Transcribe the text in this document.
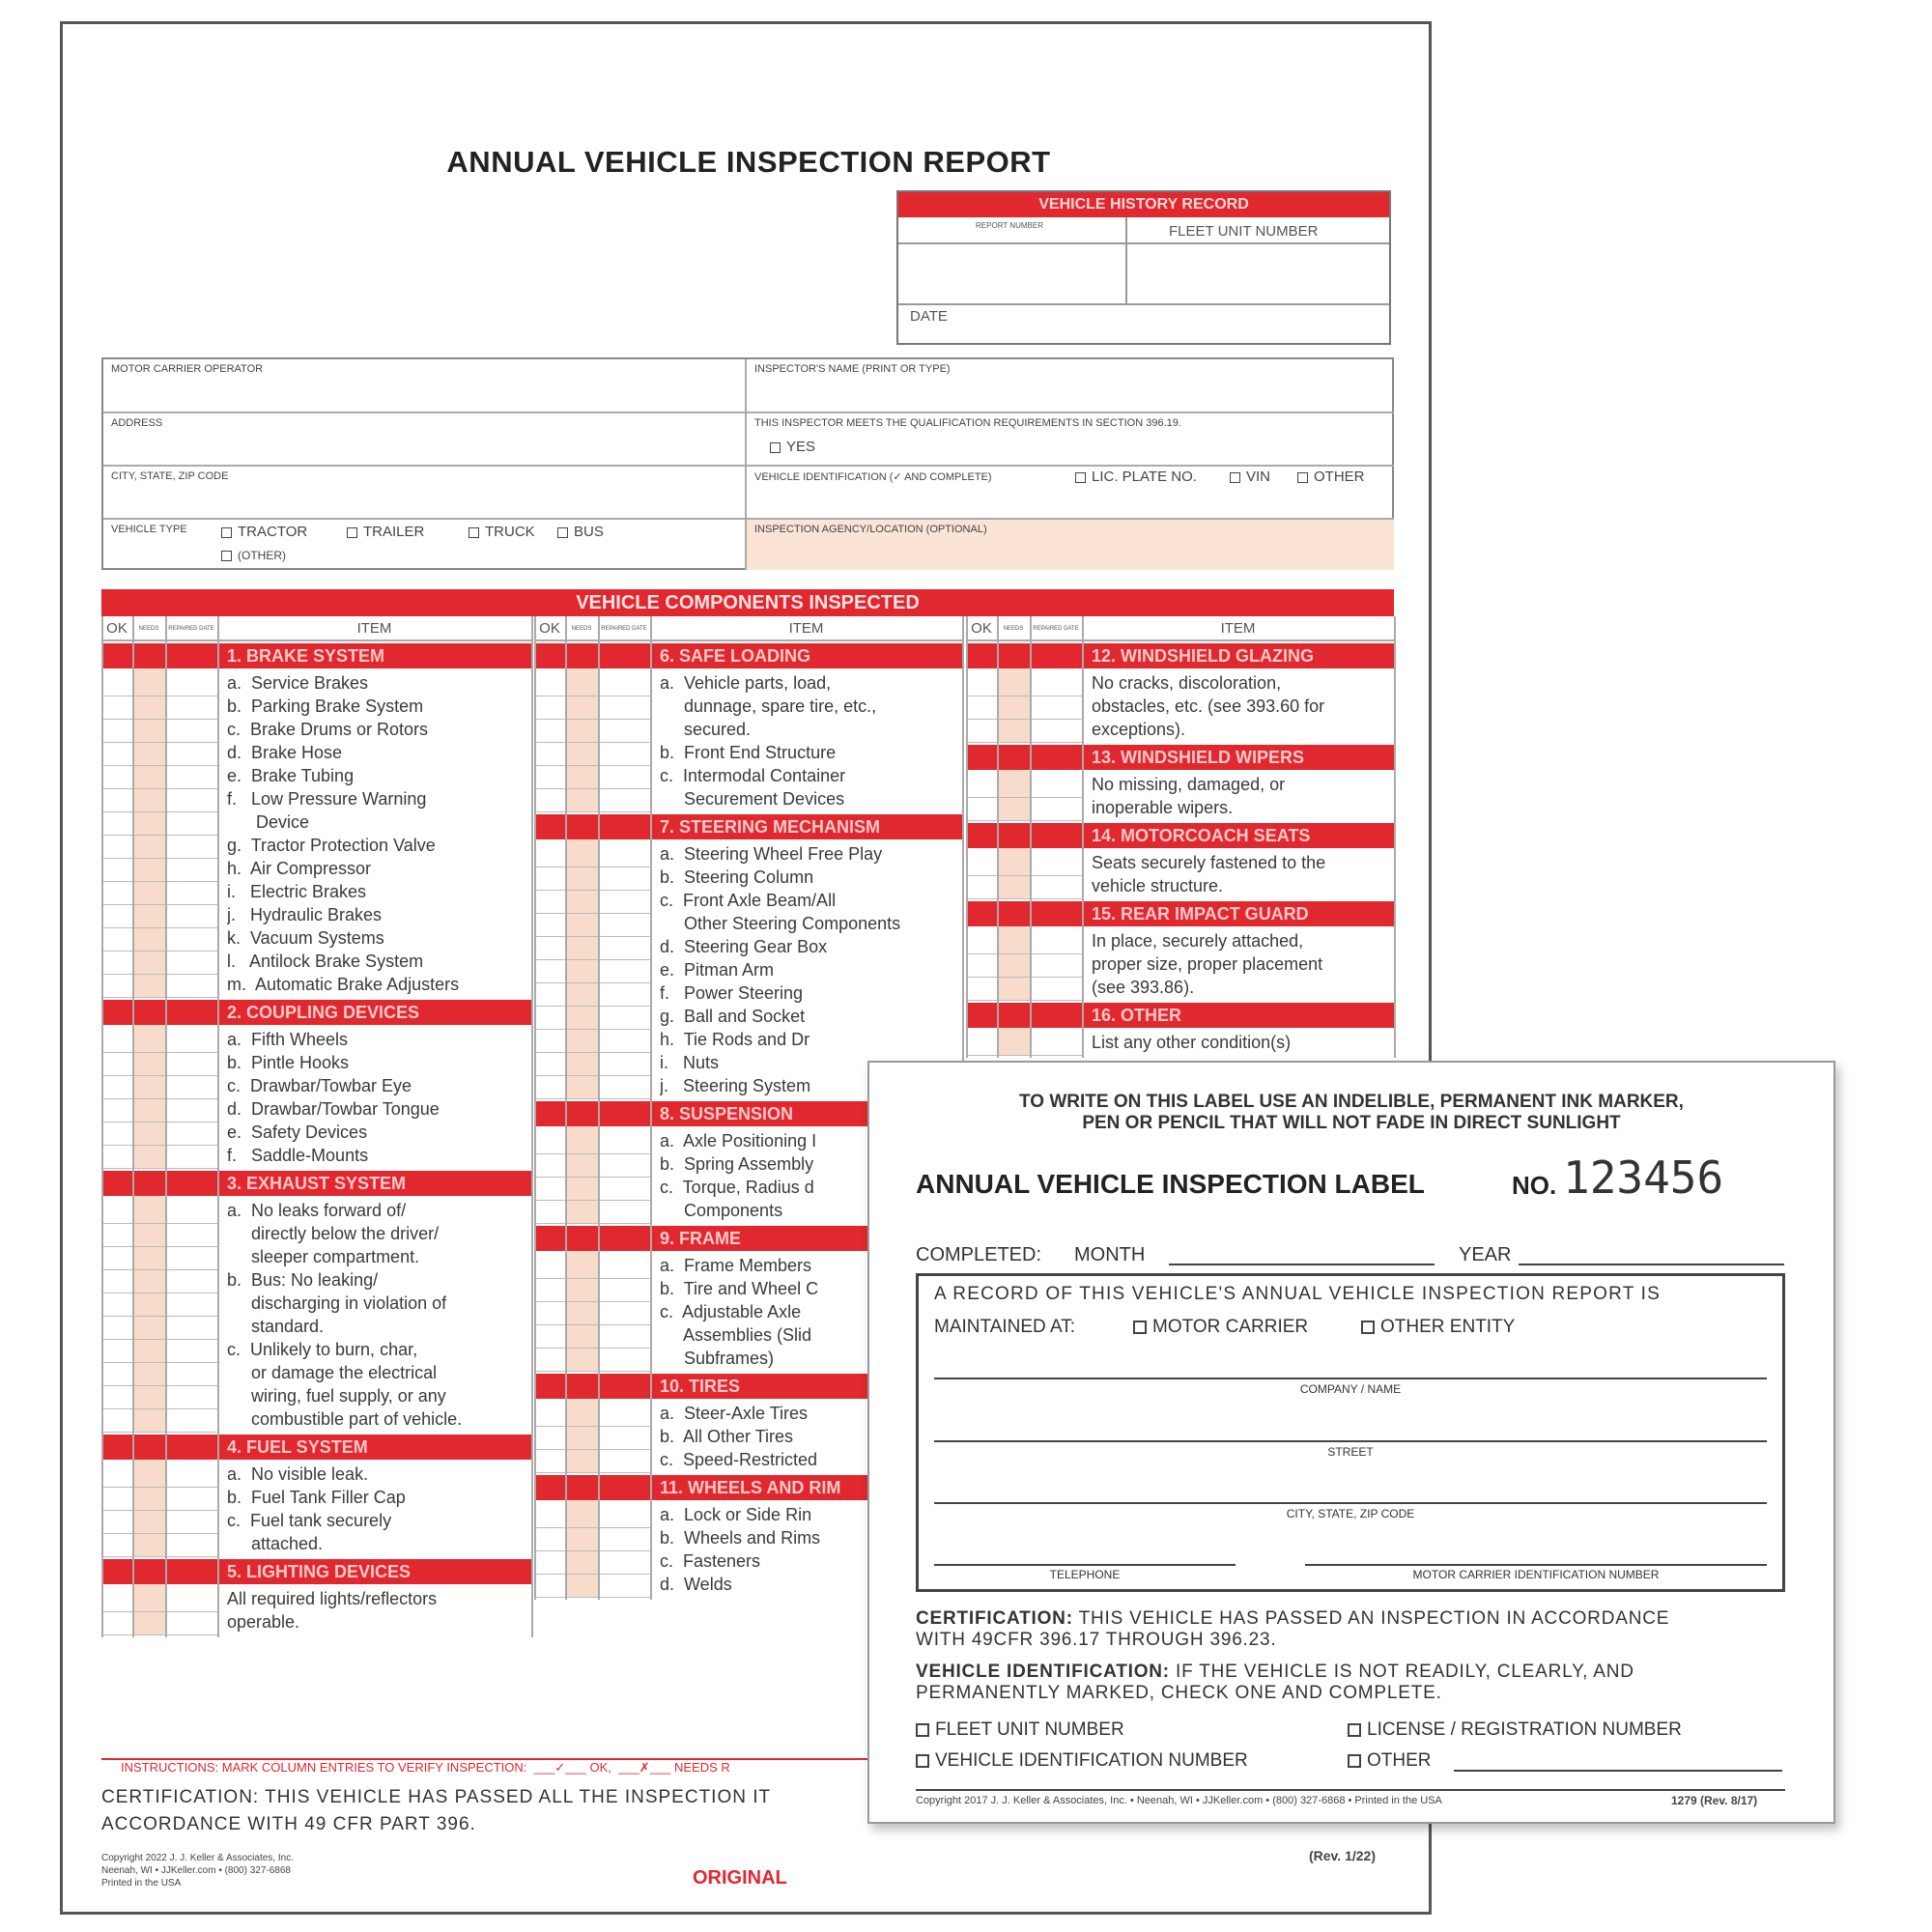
ANNUAL VEHICLE INSPECTION REPORT
VEHICLE HISTORY RECORD
REPORT NUMBER	FLEET UNIT NUMBER
DATE
MOTOR CARRIER OPERATOR	INSPECTOR'S NAME (PRINT OR TYPE)
ADDRESS	THIS INSPECTOR MEETS THE QUALIFICATION REQUIREMENTS IN SECTION 396.19.
YES
CITY, STATE, ZIP CODE	VEHICLE IDENTIFICATION (✓ AND COMPLETE)	LIC. PLATE NO.	VIN	OTHER
VEHICLE TYPE	TRACTOR	TRAILER	TRUCK	BUS
(OTHER)
INSPECTION AGENCY/LOCATION (OPTIONAL)
VEHICLE COMPONENTS INSPECTED
OK	NEEDS	REPAIRED DATE	ITEM
1. BRAKE SYSTEM
a.  Service Brakes
b.  Parking Brake System
c.  Brake Drums or Rotors
d.  Brake Hose
e.  Brake Tubing
f.   Low Pressure Warning
Device
g.  Tractor Protection Valve
h.  Air Compressor
i.   Electric Brakes
j.   Hydraulic Brakes
k.  Vacuum Systems
l.   Antilock Brake System
m.  Automatic Brake Adjusters
2. COUPLING DEVICES
a.  Fifth Wheels
b.  Pintle Hooks
c.  Drawbar/Towbar Eye
d.  Drawbar/Towbar Tongue
e.  Safety Devices
f.   Saddle-Mounts
3. EXHAUST SYSTEM
a.  No leaks forward of/
directly below the driver/
sleeper compartment.
b.  Bus: No leaking/
discharging in violation of
standard.
c.  Unlikely to burn, char,
or damage the electrical
wiring, fuel supply, or any
combustible part of vehicle.
4. FUEL SYSTEM
a.  No visible leak.
b.  Fuel Tank Filler Cap
c.  Fuel tank securely
attached.
5. LIGHTING DEVICES
All required lights/reflectors
operable.
OK	NEEDS	REPAIRED DATE	ITEM
6. SAFE LOADING
a.  Vehicle parts, load,
dunnage, spare tire, etc.,
secured.
b.  Front End Structure
c.  Intermodal Container
Securement Devices
7. STEERING MECHANISM
a.  Steering Wheel Free Play
b.  Steering Column
c.  Front Axle Beam/All
Other Steering Components
d.  Steering Gear Box
e.  Pitman Arm
f.   Power Steering
g.  Ball and Socket
h.  Tie Rods and Dr
i.   Nuts
j.   Steering System
8. SUSPENSION
a.  Axle Positioning I
b.  Spring Assembly
c.  Torque, Radius d
Components
9. FRAME
a.  Frame Members
b.  Tire and Wheel C
c.  Adjustable Axle
Assemblies (Slid
Subframes)
10. TIRES
a.  Steer-Axle Tires
b.  All Other Tires
c.  Speed-Restricted
11. WHEELS AND RIM
a.  Lock or Side Rin
b.  Wheels and Rims
c.  Fasteners
d.  Welds
OK	NEEDS	REPAIRED DATE	ITEM
12. WINDSHIELD GLAZING
No cracks, discoloration,
obstacles, etc. (see 393.60 for
exceptions).
13. WINDSHIELD WIPERS
No missing, damaged, or
inoperable wipers.
14. MOTORCOACH SEATS
Seats securely fastened to the
vehicle structure.
15. REAR IMPACT GUARD
In place, securely attached,
proper size, proper placement
(see 393.86).
16. OTHER
List any other condition(s)
INSTRUCTIONS: MARK COLUMN ENTRIES TO VERIFY INSPECTION:  ___✓___ OK,  ___✗___ NEEDS R
CERTIFICATION: THIS VEHICLE HAS PASSED ALL THE INSPECTION IT
ACCORDANCE WITH 49 CFR PART 396.
Copyright 2022 J. J. Keller & Associates, Inc.
Neenah, WI • JJKeller.com • (800) 327-6868
Printed in the USA	ORIGINAL
(Rev. 1/22)
TO WRITE ON THIS LABEL USE AN INDELIBLE, PERMANENT INK MARKER,
PEN OR PENCIL THAT WILL NOT FADE IN DIRECT SUNLIGHT
ANNUAL VEHICLE INSPECTION LABEL	NO. 123456
COMPLETED: MONTH	YEAR
A RECORD OF THIS VEHICLE'S ANNUAL VEHICLE INSPECTION REPORT IS
MAINTAINED AT:	MOTOR CARRIER	OTHER ENTITY
COMPANY / NAME
STREET
CITY, STATE, ZIP CODE
TELEPHONE	MOTOR CARRIER IDENTIFICATION NUMBER
CERTIFICATION: THIS VEHICLE HAS PASSED AN INSPECTION IN ACCORDANCE
WITH 49CFR 396.17 THROUGH 396.23.
VEHICLE IDENTIFICATION: IF THE VEHICLE IS NOT READILY, CLEARLY, AND
PERMANENTLY MARKED, CHECK ONE AND COMPLETE.
FLEET UNIT NUMBER	LICENSE / REGISTRATION NUMBER
VEHICLE IDENTIFICATION NUMBER	OTHER
Copyright 2017 J. J. Keller & Associates, Inc. • Neenah, WI • JJKeller.com • (800) 327-6868 • Printed in the USA	1279 (Rev. 8/17)
